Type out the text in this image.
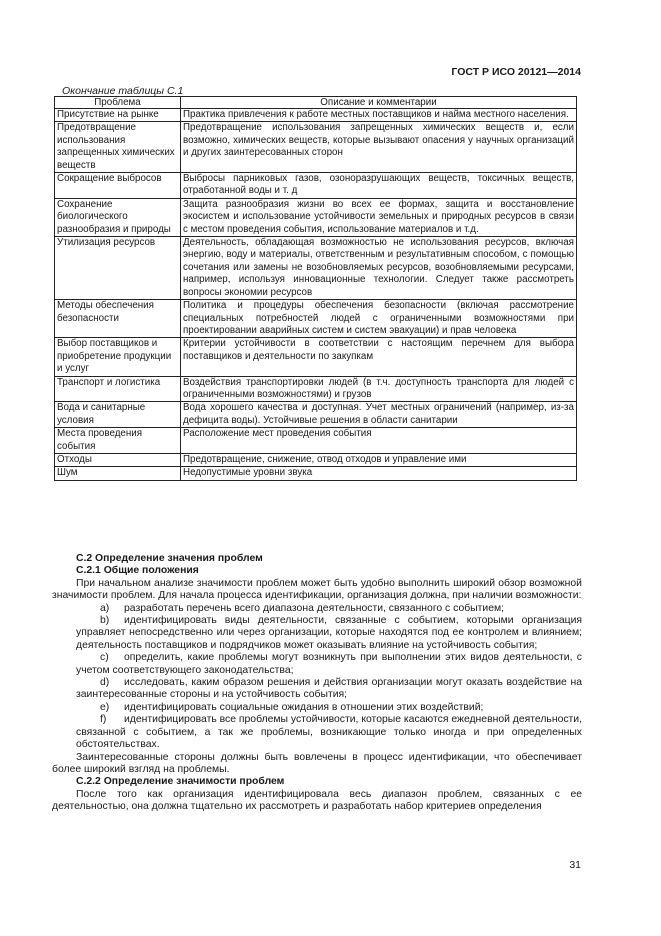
ГОСТ Р ИСО 20121—2014
Окончание таблицы С.1
Проблема	Описание и комментарии
Присутствие на рынке	Практика привлечения к работе местных поставщиков и найма местного населения.
Предотвращение использования запрещенных химических веществ	Предотвращение использования запрещенных химических веществ и, если возможно, химических веществ, которые вызывают опасения у научных организаций и других заинтересованных сторон
Сокращение выбросов	Выбросы парниковых газов, озоноразрушающих веществ, токсичных веществ, отработанной воды и т. д
Сохранение биологического разнообразия и природы	Защита разнообразия жизни во всех ее формах, защита и восстановление экосистем и использование устойчивости земельных и природных ресурсов в связи с местом проведения события, использование материалов и т.д.
Утилизация ресурсов	Деятельность, обладающая возможностью не использования ресурсов, включая энергию, воду и материалы, ответственным и результативным способом, с помощью сочетания или замены не возобновляемых ресурсов, возобновляемыми ресурсами, например, используя инновационные технологии. Следует также рассмотреть вопросы экономии ресурсов
Методы обеспечения безопасности	Политика и процедуры обеспечения безопасности (включая рассмотрение специальных потребностей людей с ограниченными возможностями при проектировании аварийных систем и систем эвакуации) и прав человека
Выбор поставщиков и приобретение продукции и услуг	Критерии устойчивости в соответствии с настоящим перечнем для выбора поставщиков и деятельности по закупкам
Транспорт и логистика	Воздействия транспортировки людей (в т.ч. доступность транспорта для людей с ограниченными возможностями) и грузов
Вода и санитарные условия	Вода хорошего качества и доступная. Учет местных ограничений (например, из-за дефицита воды). Устойчивые решения в области санитарии
Места проведения события	Расположение мест проведения события
Отходы	Предотвращение, снижение, отвод отходов и управление ими
Шум	Недопустимые уровни звука

С.2 Определение значения проблем

С.2.1 Общие положения

При начальном анализе значимости проблем может быть удобно выполнить широкий обзор возможной значимости проблем. Для начала процесса идентификации, организация должна, при наличии возможности:

a) разработать перечень всего диапазона деятельности, связанного с событием;

b) идентифицировать виды деятельности, связанные с событием, которыми организация управляет непосредственно или через организации, которые находятся под ее контролем и влиянием; деятельность поставщиков и подрядчиков может оказывать влияние на устойчивость события;

c) определить, какие проблемы могут возникнуть при выполнении этих видов деятельности, с учетом соответствующего законодательства;

d) исследовать, каким образом решения и действия организации могут оказать воздействие на заинтересованные стороны и на устойчивость события;

e) идентифицировать социальные ожидания в отношении этих воздействий;

f) идентифицировать все проблемы устойчивости, которые касаются ежедневной деятельности, связанной с событием, а так же проблемы, возникающие только иногда и при определенных обстоятельствах.

Заинтересованные стороны должны быть вовлечены в процесс идентификации, что обеспечивает более широкий взгляд на проблемы.

С.2.2 Определение значимости проблем

После того как организация идентифицировала весь диапазон проблем, связанных с ее деятельностью, она должна тщательно их рассмотреть и разработать набор критериев определения

31
